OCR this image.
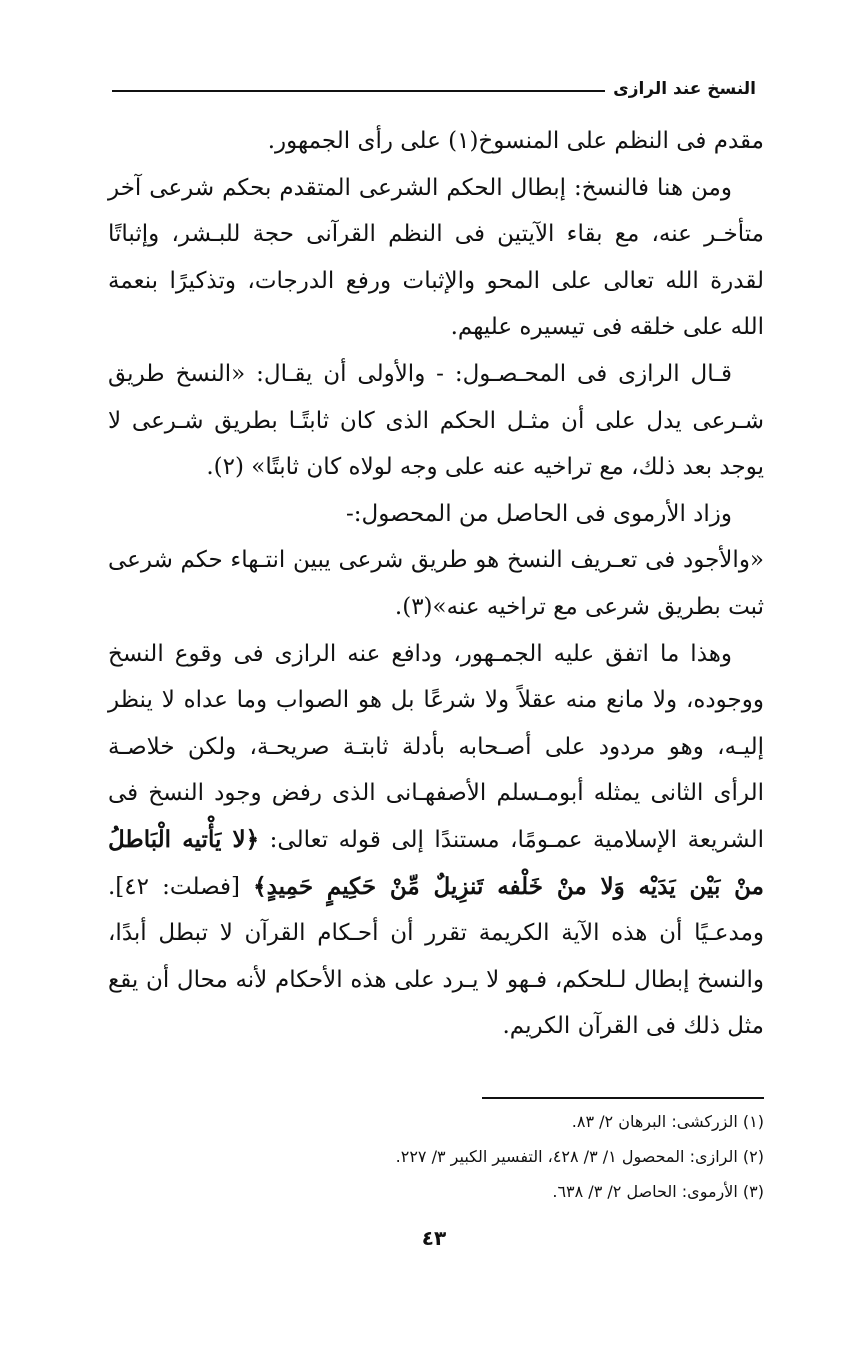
النسخ عند الرازى

مقدم فى النظم على المنسوخ(١) على رأى الجمهور.

ومن هنا فالنسخ: إبطال الحكم الشرعى المتقدم بحكم شرعى آخر متأخـر عنه، مع بقاء الآيتين فى النظم القرآنى حجة للبـشر، وإثباتًا لقدرة الله تعالى على المحو والإثبات ورفع الدرجات، وتذكيرًا بنعمة الله على خلقه فى تيسيره عليهم.

قـال الرازى فى المحـصـول: - والأولى أن يقـال: «النسخ طريق شـرعى يدل على أن مثـل الحكم الذى كان ثابتًـا بطريق شـرعى لا يوجد بعد ذلك، مع تراخيه عنه على وجه لولاه كان ثابتًا» (٢).

وزاد الأرموى فى الحاصل من المحصول:-

«والأجود فى تعـريف النسخ هو طريق شرعى يبين انتـهاء حكم شرعى ثبت بطريق شرعى مع تراخيه عنه»(٣).

وهذا ما اتفق عليه الجمـهور، ودافع عنه الرازى فى وقوع النسخ ووجوده، ولا مانع منه عقلاً ولا شرعًا بل هو الصواب وما عداه لا ينظر إليـه، وهو مردود على أصـحابه بأدلة ثابتـة صريحـة، ولكن خلاصـة الرأى الثانى يمثله أبومـسلم الأصفهـانى الذى رفض وجود النسخ فى الشريعة الإسلامية عمـومًا، مستندًا إلى قوله تعالى: ﴿لا يَأْتيه الْبَاطلُ منْ بَيْن يَدَيْه وَلا منْ خَلْفه تَنزِيلٌ مِّنْ حَكِيمٍ حَمِيدٍ﴾ [فصلت: ٤٢]. ومدعـيًا أن هذه الآية الكريمة تقرر أن أحـكام القرآن لا تبطل أبدًا، والنسخ إبطال لـلحكم، فـهو لا يـرد على هذه الأحكام لأنه محال أن يقع مثل ذلك فى القرآن الكريم.

(١) الزركشى: البرهان ٢/ ٨٣.
(٢) الرازى: المحصول ١/ ٣/ ٤٢٨، التفسير الكبير ٣/ ٢٢٧.
(٣) الأرموى: الحاصل ٢/ ٣/ ٦٣٨.
٤٣
